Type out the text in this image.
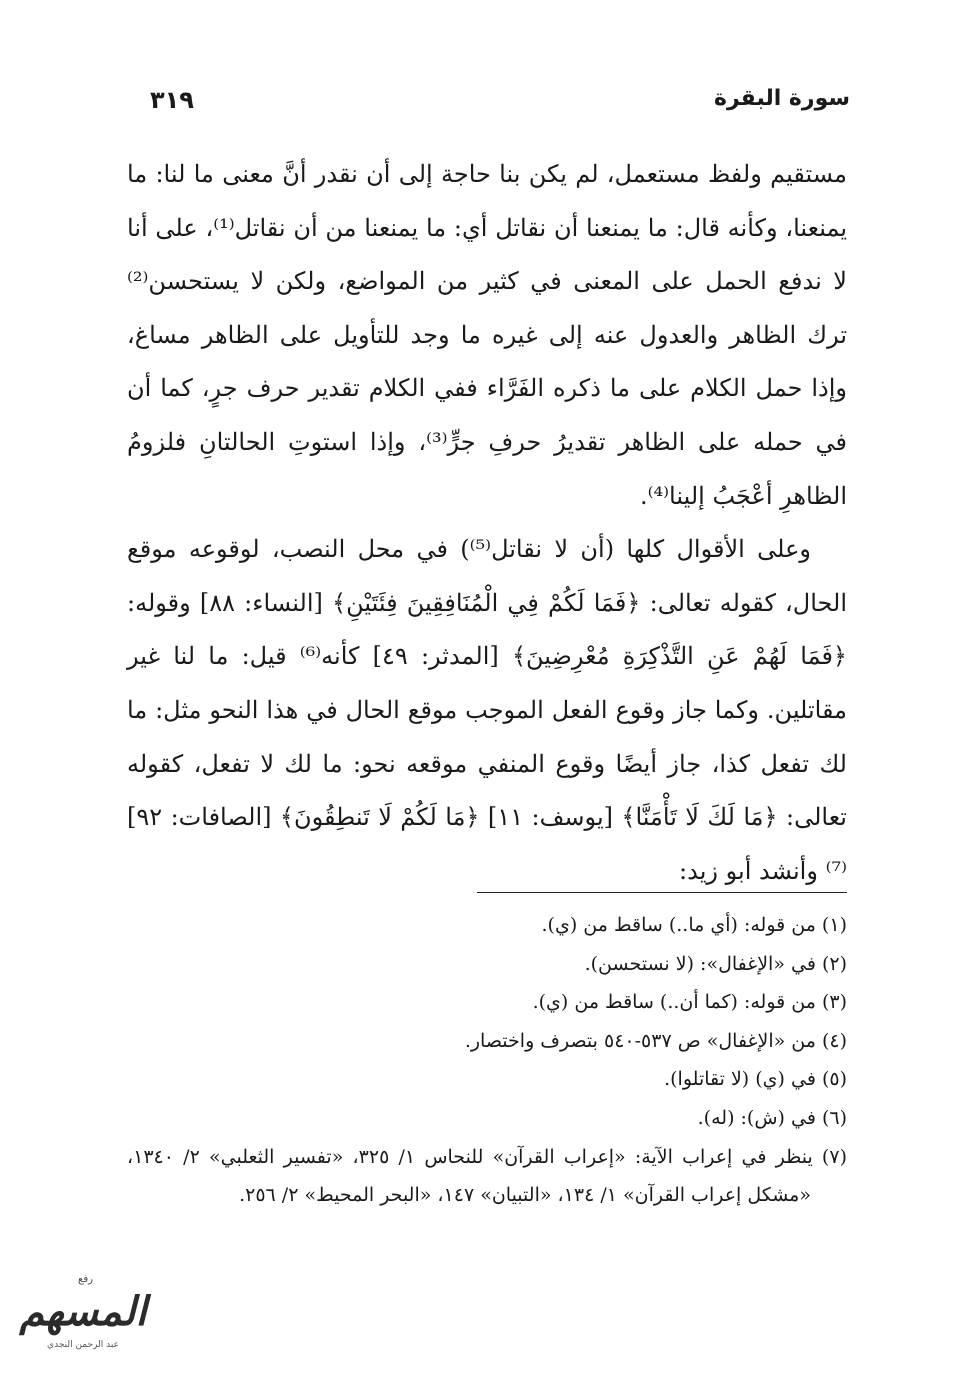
سورة البقرة
٣١٩

مستقيم ولفظ مستعمل، لم يكن بنا حاجة إلى أن نقدر أنَّ معنى ما لنا: ما يمنعنا، وكأنه قال: ما يمنعنا أن نقاتل أي: ما يمنعنا من أن نقاتل⁽¹⁾، على أنا لا ندفع الحمل على المعنى في كثير من المواضع، ولكن لا يستحسن⁽²⁾ ترك الظاهر والعدول عنه إلى غيره ما وجد للتأويل على الظاهر مساغ، وإذا حمل الكلام على ما ذكره الفَرَّاء ففي الكلام تقدير حرف جرٍ، كما أن في حمله على الظاهر تقديرُ حرفِ جرٍّ⁽³⁾، وإذا استوتِ الحالتانِ فلزومُ الظاهرِ أعْجَبُ إلينا⁽⁴⁾.

وعلى الأقوال كلها (أن لا نقاتل⁽⁵⁾) في محل النصب، لوقوعه موقع الحال، كقوله تعالى: ﴿فَمَا لَكُمْ فِي الْمُنَافِقِينَ فِئَتَيْنِ﴾ [النساء: ٨٨] وقوله: ﴿فَمَا لَهُمْ عَنِ التَّذْكِرَةِ مُعْرِضِينَ﴾ [المدثر: ٤٩] كأنه⁽⁶⁾ قيل: ما لنا غير مقاتلين. وكما جاز وقوع الفعل الموجب موقع الحال في هذا النحو مثل: ما لك تفعل كذا، جاز أيضًا وقوع المنفي موقعه نحو: ما لك لا تفعل، كقوله تعالى: ﴿مَا لَكَ لَا تَأْمَنَّا﴾ [يوسف: ١١] ﴿مَا لَكُمْ لَا تَنطِقُونَ﴾ [الصافات: ٩٢]⁽⁷⁾ وأنشد أبو زيد:

(١) من قوله: (أي ما..) ساقط من (ي).

(٢) في «الإغفال»: (لا نستحسن).

(٣) من قوله: (كما أن..) ساقط من (ي).

(٤) من «الإغفال» ص ٥٣٧-٥٤٠ بتصرف واختصار.

(٥) في (ي) (لا تقاتلوا).

(٦) في (ش): (له).

(٧) ينظر في إعراب الآية: «إعراب القرآن» للنحاس ١/ ٣٢٥، «تفسير الثعلبي» ٢/ ١٣٤٠، «مشكل إعراب القرآن» ١/ ١٣٤، «التبيان» ١٤٧، «البحر المحيط» ٢/ ٢٥٦.

رفع
المسهم
عبد الرحمن النجدي
